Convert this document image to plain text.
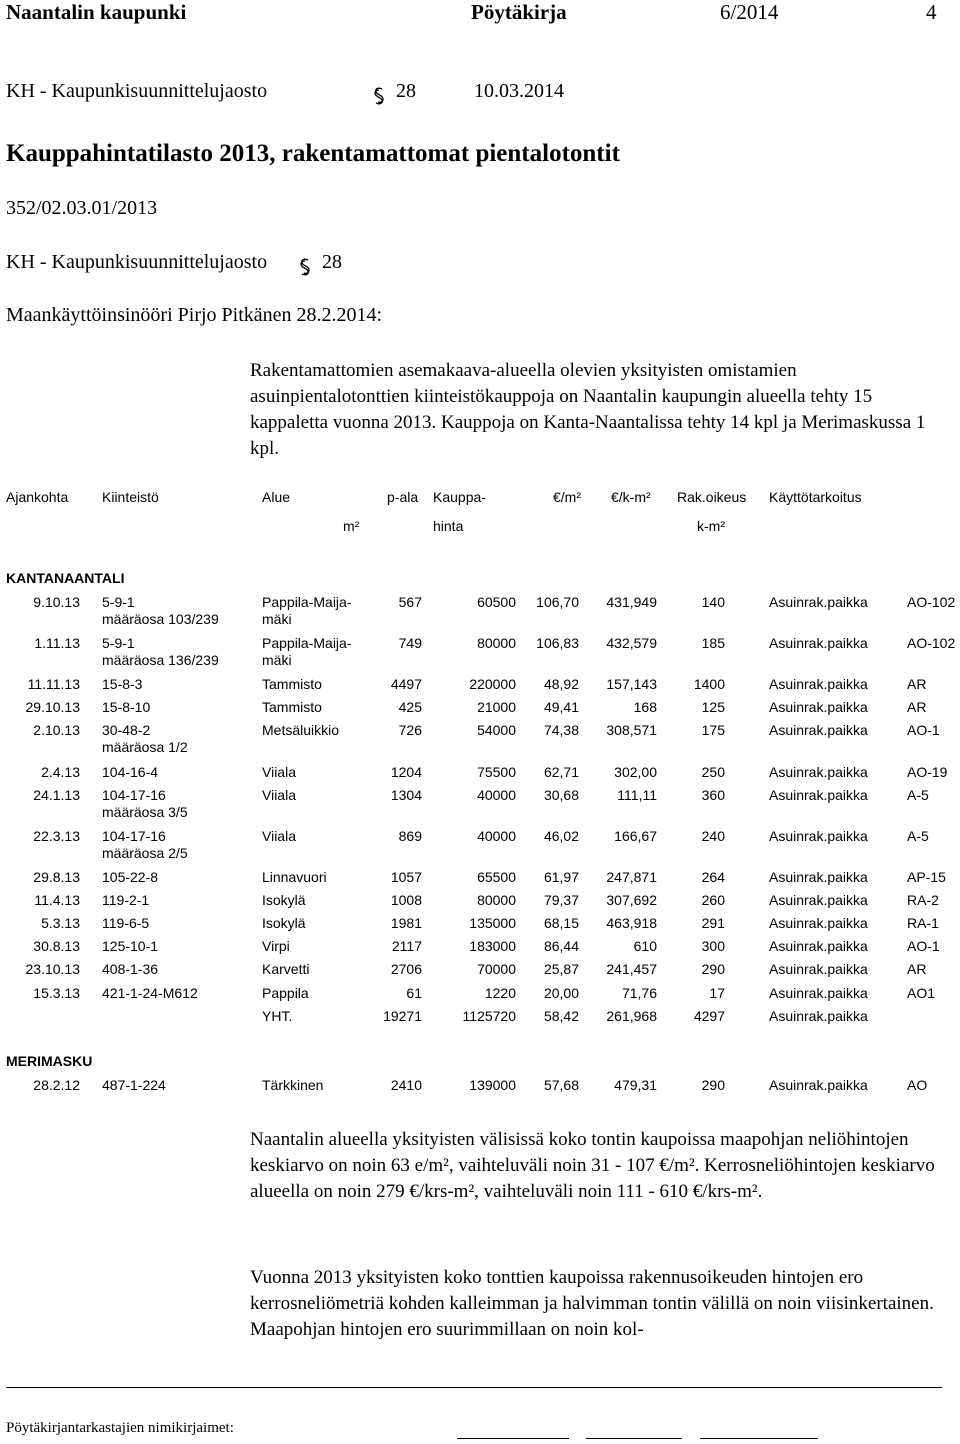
Naantalin kaupunki	Pöytäkirja	6/2014	4
KH - Kaupunkisuunnittelujaosto	28	10.03.2014
Kauppahintatilasto 2013, rakentamattomat pientalotontit
352/02.03.01/2013
KH - Kaupunkisuunnittelujaosto	28
Maankäyttöinsinööri Pirjo Pitkänen 28.2.2014:
Rakentamattomien asemakaava-alueella olevien yksityisten omistamien asuinpientalotonttien kiinteistökauppoja on Naantalin kaupungin alueella tehty 15 kappaletta vuonna 2013. Kauppoja on Kanta-Naantalissa tehty 14 kpl ja Merimaskussa 1 kpl.
Ajankohta Kiinteistö	Alue	p-ala Kauppa-	€/m² €/k-m² Rak.oikeus Käyttötarkoitus
m²	hinta	k-m²
KANTANAANTALI
9.10.13 5-9-1	Pappila-Maija-	567	60500 106,70 431,949	140	Asuinrak.paikka	AO-102
määräosa 103/239	mäki
1.11.13 5-9-1	Pappila-Maija-	749	80000 106,83 432,579	185	Asuinrak.paikka	AO-102
määräosa 136/239	mäki
11.11.13 15-8-3	Tammisto	4497	220000 48,92 157,143	1400	Asuinrak.paikka	AR
29.10.13 15-8-10	Tammisto	425	21000 49,41	168	125	Asuinrak.paikka	AR
2.10.13 30-48-2	Metsäluikkio	726	54000 74,38 308,571	175	Asuinrak.paikka	AO-1
määräosa 1/2
2.4.13 104-16-4	Viiala	1204	75500 62,71	302,00	250	Asuinrak.paikka	AO-19
24.1.13 104-17-16	Viiala	1304	40000 30,68	111,11	360	Asuinrak.paikka	A-5
määräosa 3/5
22.3.13 104-17-16	Viiala	869	40000 46,02	166,67	240	Asuinrak.paikka	A-5
määräosa 2/5
29.8.13 105-22-8	Linnavuori	1057	65500 61,97 247,871	264	Asuinrak.paikka	AP-15
11.4.13 119-2-1	Isokylä	1008	80000 79,37 307,692	260	Asuinrak.paikka	RA-2
5.3.13 119-6-5	Isokylä	1981	135000 68,15 463,918	291	Asuinrak.paikka	RA-1
30.8.13 125-10-1	Virpi	2117	183000 86,44	610	300	Asuinrak.paikka	AO-1
23.10.13 408-1-36	Karvetti	2706	70000 25,87 241,457	290	Asuinrak.paikka	AR
15.3.13 421-1-24-M612	Pappila	61	1220 20,00	71,76	17	Asuinrak.paikka	AO1
YHT.	19271	1125720 58,42 261,968	4297	Asuinrak.paikka
MERIMASKU
28.2.12 487-1-224	Tärkkinen	2410	139000 57,68	479,31	290	Asuinrak.paikka	AO
Naantalin alueella yksityisten välisissä koko tontin kaupoissa maapohjan neliöhintojen keskiarvo on noin 63 e/m², vaihteluväli noin 31 - 107 €/m². Kerrosneliöhintojen keskiarvo alueella on noin 279 €/krs-m², vaihteluväli noin 111 - 610 €/krs-m².
Vuonna 2013 yksityisten koko tonttien kaupoissa rakennusoikeuden hintojen ero kerrosneliömetriä kohden kalleimman ja halvimman tontin välillä on noin viisinkertainen. Maapohjan hintojen ero suurimmillaan on noin kol-
Pöytäkirjantarkastajien nimikirjaimet:
